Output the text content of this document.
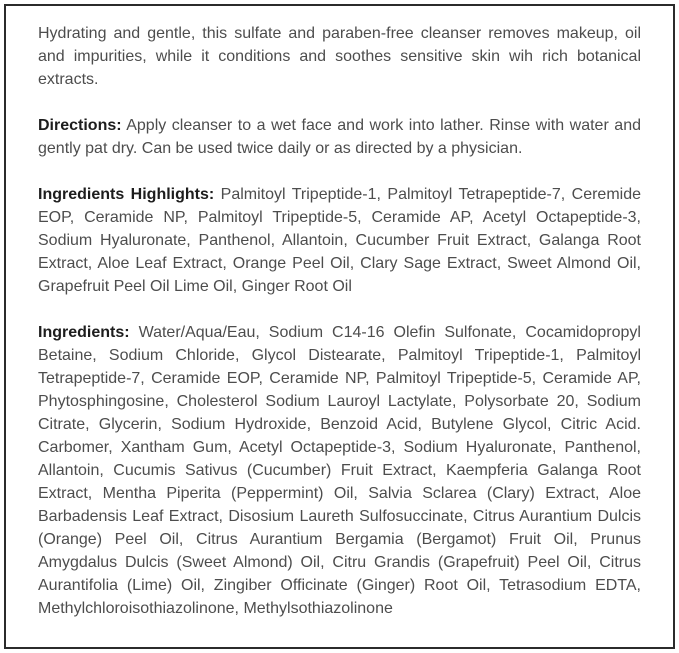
Hydrating and gentle, this sulfate and paraben-free cleanser removes makeup, oil and impurities, while it conditions and soothes sensitive skin wih rich botanical extracts.

Directions: Apply cleanser to a wet face and work into lather. Rinse with water and gently pat dry. Can be used twice daily or as directed by a physician.

Ingredients Highlights: Palmitoyl Tripeptide-1, Palmitoyl Tetrapeptide-7, Ceremide EOP, Ceramide NP, Palmitoyl Tripeptide-5, Ceramide AP, Acetyl Octapeptide-3, Sodium Hyaluronate, Panthenol, Allantoin, Cucumber Fruit Extract, Galanga Root Extract, Aloe Leaf Extract, Orange Peel Oil, Clary Sage Extract, Sweet Almond Oil, Grapefruit Peel Oil Lime Oil, Ginger Root Oil

Ingredients: Water/Aqua/Eau, Sodium C14-16 Olefin Sulfonate, Cocamidopropyl Betaine, Sodium Chloride, Glycol Distearate, Palmitoyl Tripeptide-1, Palmitoyl Tetrapeptide-7, Ceramide EOP, Ceramide NP, Palmitoyl Tripeptide-5, Ceramide AP, Phytosphingosine, Cholesterol Sodium Lauroyl Lactylate, Polysorbate 20, Sodium Citrate, Glycerin, Sodium Hydroxide, Benzoid Acid, Butylene Glycol, Citric Acid. Carbomer, Xantham Gum, Acetyl Octapeptide-3, Sodium Hyaluronate, Panthenol, Allantoin, Cucumis Sativus (Cucumber) Fruit Extract, Kaempferia Galanga Root Extract, Mentha Piperita (Peppermint) Oil, Salvia Sclarea (Clary) Extract, Aloe Barbadensis Leaf Extract, Disosium Laureth Sulfosuccinate, Citrus Aurantium Dulcis (Orange) Peel Oil, Citrus Aurantium Bergamia (Bergamot) Fruit Oil, Prunus Amygdalus Dulcis (Sweet Almond) Oil, Citru Grandis (Grapefruit) Peel Oil, Citrus Aurantifolia (Lime) Oil, Zingiber Officinate (Ginger) Root Oil, Tetrasodium EDTA, Methylchloroisothiazolinone, Methylsothiazolinone
